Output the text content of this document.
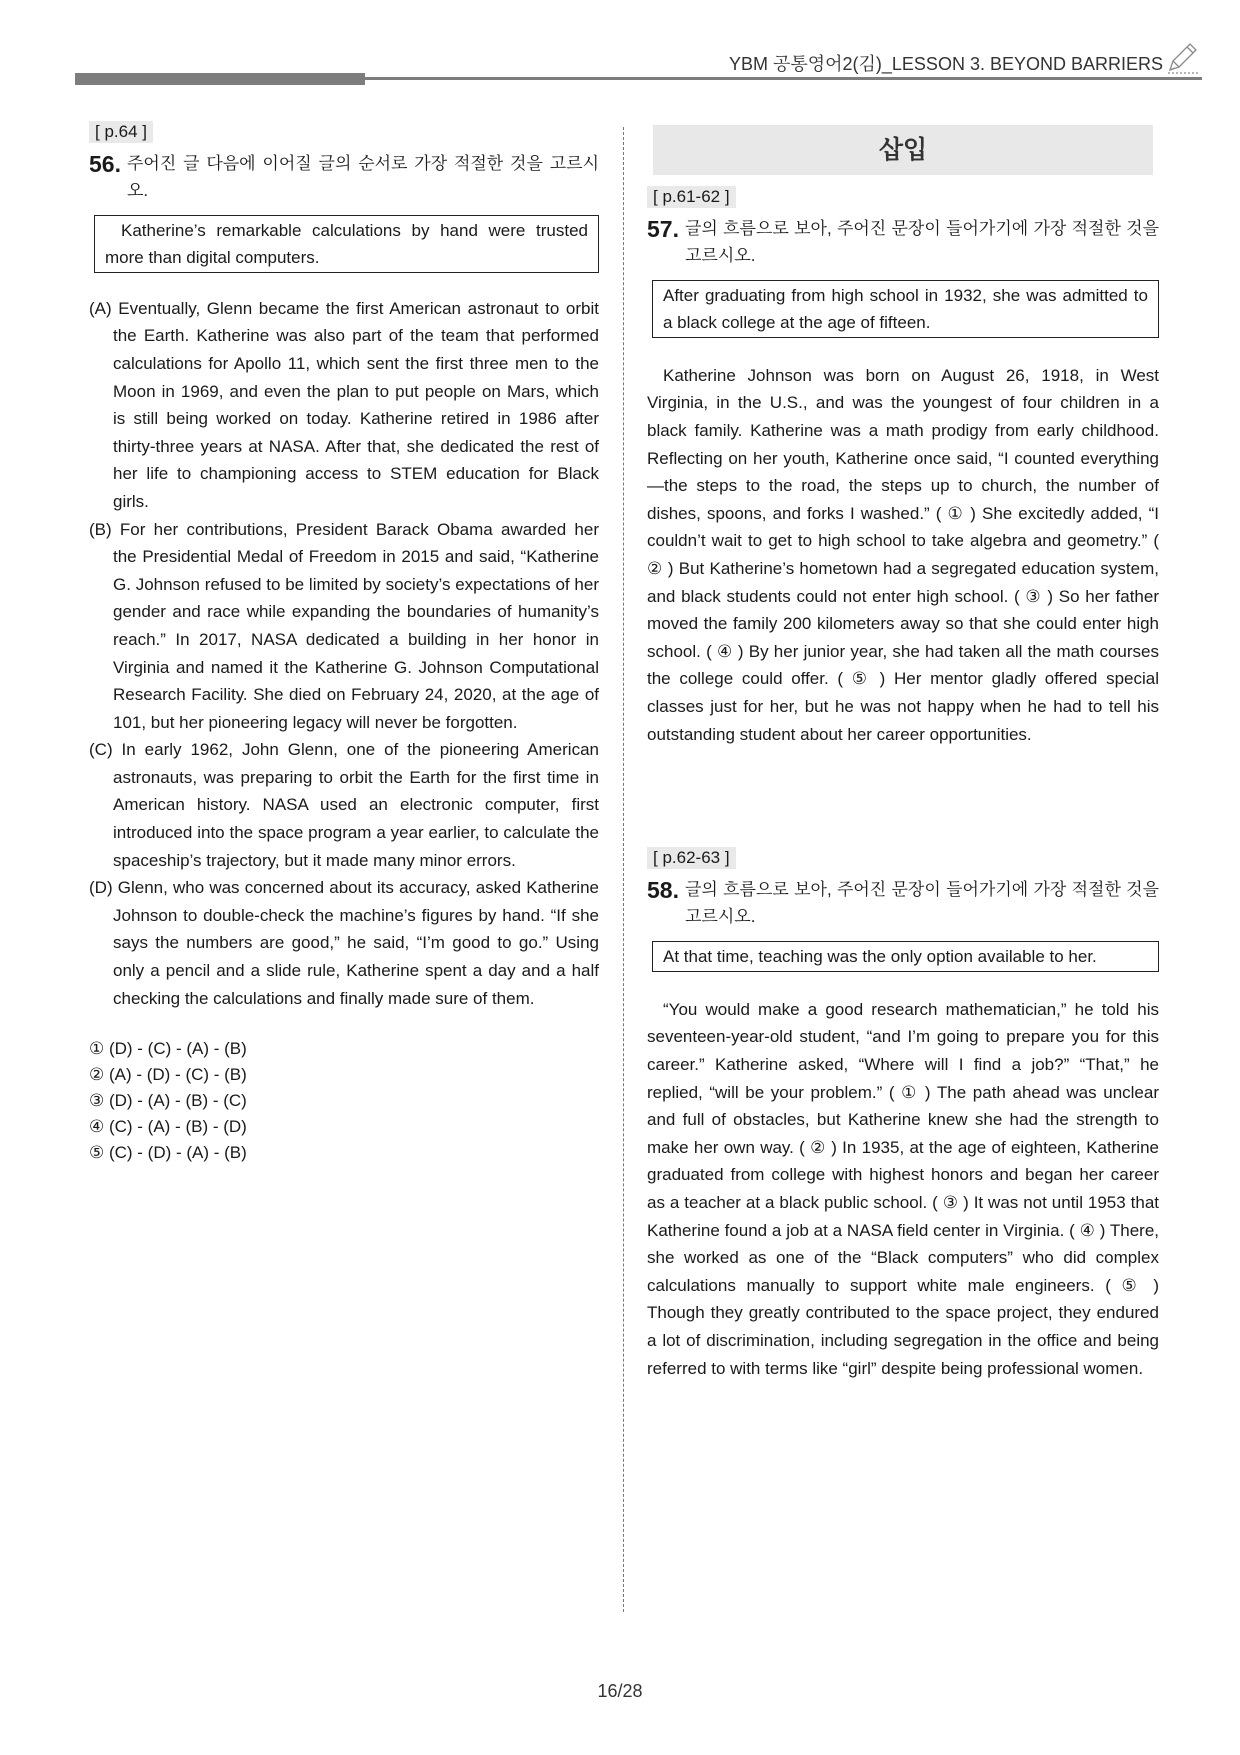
YBM 공통영어2(김)_LESSON 3. BEYOND BARRIERS
[ p.64 ]
56. 주어진 글 다음에 이어질 글의 순서로 가장 적절한 것을 고르시오.
Katherine’s remarkable calculations by hand were trusted more than digital computers.

(A) Eventually, Glenn became the first American astronaut to orbit the Earth. Katherine was also part of the team that performed calculations for Apollo 11, which sent the first three men to the Moon in 1969, and even the plan to put people on Mars, which is still being worked on today. Katherine retired in 1986 after thirty-three years at NASA. After that, she dedicated the rest of her life to championing access to STEM education for Black girls.

(B) For her contributions, President Barack Obama awarded her the Presidential Medal of Freedom in 2015 and said, “Katherine G. Johnson refused to be limited by society’s expectations of her gender and race while expanding the boundaries of humanity’s reach.” In 2017, NASA dedicated a building in her honor in Virginia and named it the Katherine G. Johnson Computational Research Facility. She died on February 24, 2020, at the age of 101, but her pioneering legacy will never be forgotten.

(C) In early 1962, John Glenn, one of the pioneering American astronauts, was preparing to orbit the Earth for the first time in American history. NASA used an electronic computer, first introduced into the space program a year earlier, to calculate the spaceship’s trajectory, but it made many minor errors.

(D) Glenn, who was concerned about its accuracy, asked Katherine Johnson to double-check the machine’s figures by hand. “If she says the numbers are good,” he said, “I’m good to go.” Using only a pencil and a slide rule, Katherine spent a day and a half checking the calculations and finally made sure of them.

① (D) - (C) - (A) - (B)
② (A) - (D) - (C) - (B)
③ (D) - (A) - (B) - (C)
④ (C) - (A) - (B) - (D)
⑤ (C) - (D) - (A) - (B)
삽입
[ p.61-62 ]
57. 글의 흐름으로 보아, 주어진 문장이 들어가기에 가장 적절한 것을 고르시오.
After graduating from high school in 1932, she was admitted to a black college at the age of fifteen.

Katherine Johnson was born on August 26, 1918, in West Virginia, in the U.S., and was the youngest of four children in a black family. Katherine was a math prodigy from early childhood. Reflecting on her youth, Katherine once said, “I counted everything—the steps to the road, the steps up to church, the number of dishes, spoons, and forks I washed.” ( ① ) She excitedly added, “I couldn’t wait to get to high school to take algebra and geometry.” ( ② ) But Katherine’s hometown had a segregated education system, and black students could not enter high school. ( ③ ) So her father moved the family 200 kilometers away so that she could enter high school. ( ④ ) By her junior year, she had taken all the math courses the college could offer. ( ⑤ ) Her mentor gladly offered special classes just for her, but he was not happy when he had to tell his outstanding student about her career opportunities.

[ p.62-63 ]
58. 글의 흐름으로 보아, 주어진 문장이 들어가기에 가장 적절한 것을 고르시오.
At that time, teaching was the only option available to her.

“You would make a good research mathematician,” he told his seventeen-year-old student, “and I’m going to prepare you for this career.” Katherine asked, “Where will I find a job?” “That,” he replied, “will be your problem.” ( ① ) The path ahead was unclear and full of obstacles, but Katherine knew she had the strength to make her own way. ( ② ) In 1935, at the age of eighteen, Katherine graduated from college with highest honors and began her career as a teacher at a black public school. ( ③ ) It was not until 1953 that Katherine found a job at a NASA field center in Virginia. ( ④ ) There, she worked as one of the “Black computers” who did complex calculations manually to support white male engineers. ( ⑤ ) Though they greatly contributed to the space project, they endured a lot of discrimination, including segregation in the office and being referred to with terms like “girl” despite being professional women.

16/28
